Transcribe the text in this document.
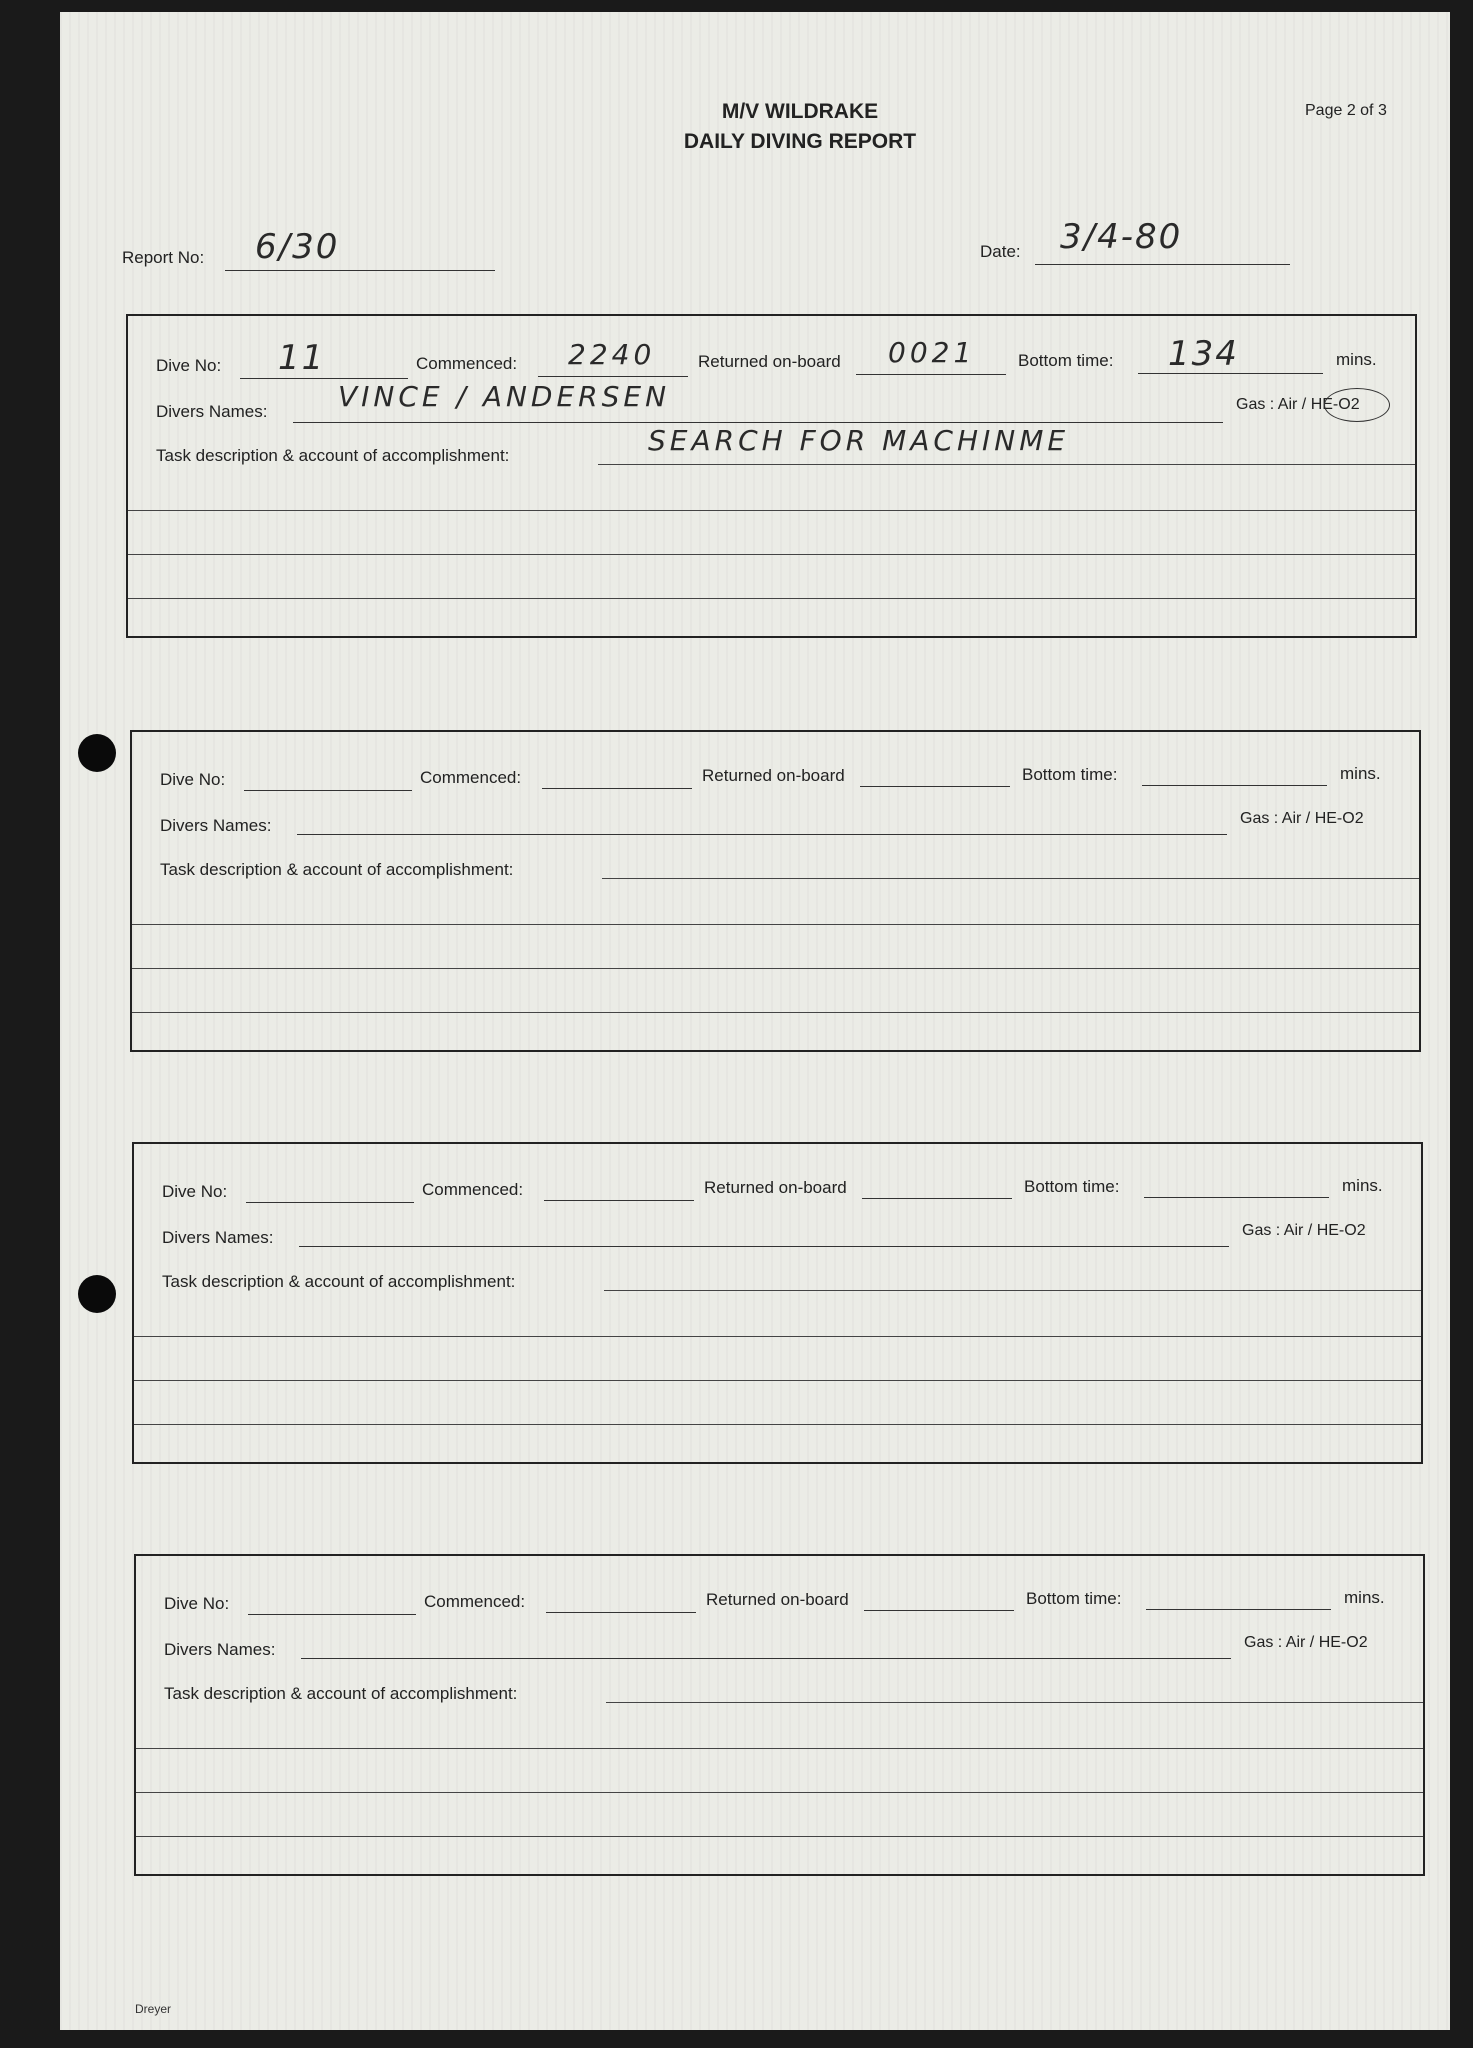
M/V WILDRAKE
DAILY DIVING REPORT
Page 2 of 3
Report No: 6/30	Date: 3/4-80
Dive No: 11	Commenced: 2240	Returned on-board 0021	Bottom time: 134	mins.
Divers Names:	VINCE / ANDERSEN	Gas : Air / HE-O2
Task description & account of accomplishment:	SEARCH FOR MACHINME
Dive No:	Commenced:	Returned on-board	Bottom time:	mins.
Divers Names:	Gas : Air / HE-O2
Task description & account of accomplishment:
Dive No:	Commenced:	Returned on-board	Bottom time:	mins.
Divers Names:	Gas : Air / HE-O2
Task description & account of accomplishment:
Dive No:	Commenced:	Returned on-board	Bottom time:	mins.
Divers Names:	Gas : Air / HE-O2
Task description & account of accomplishment:
Dreyer
